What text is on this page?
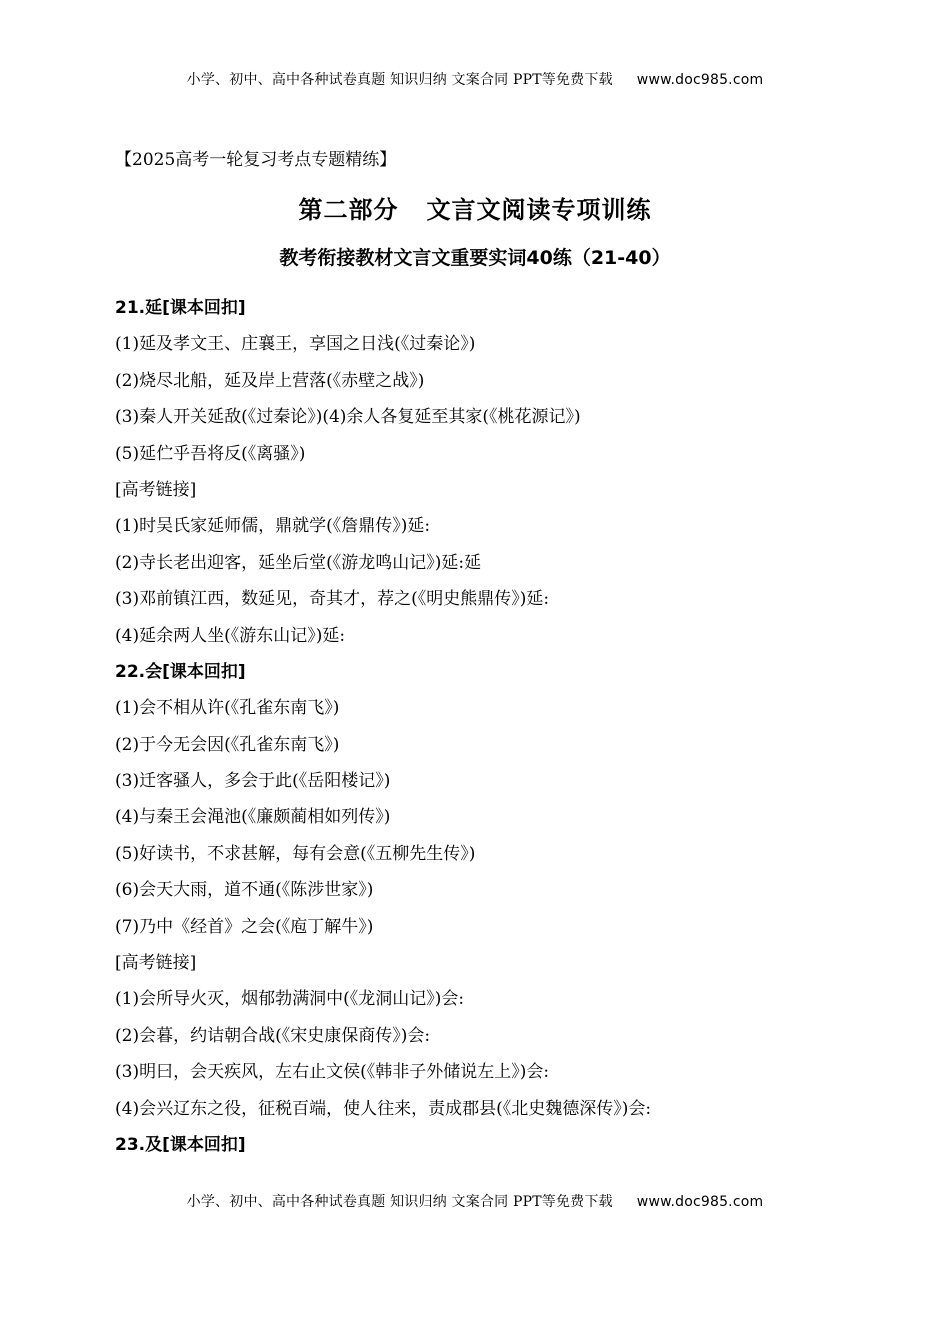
小学、初中、高中各种试卷真题 知识归纳 文案合同 PPT等免费下载 www.doc985.com
【2025高考一轮复习考点专题精练】
第二部分 文言文阅读专项训练
教考衔接教材文言文重要实词40练（21-40）
21.延[课本回扣]
(1)延及孝文王、庄襄王，享国之日浅(《过秦论》)
(2)烧尽北船，延及岸上营落(《赤壁之战》)
(3)秦人开关延敌(《过秦论》)(4)余人各复延至其家(《桃花源记》)
(5)延伫乎吾将反(《离骚》)
[高考链接]
(1)时吴氏家延师儒，鼎就学(《詹鼎传》)延:
(2)寺长老出迎客，延坐后堂(《游龙鸣山记》)延:延
(3)邓前镇江西，数延见，奇其才，荐之(《明史熊鼎传》)延:
(4)延余两人坐(《游东山记》)延:
22.会[课本回扣]
(1)会不相从许(《孔雀东南飞》)
(2)于今无会因(《孔雀东南飞》)
(3)迁客骚人，多会于此(《岳阳楼记》)
(4)与秦王会渑池(《廉颇蔺相如列传》)
(5)好读书，不求甚解，每有会意(《五柳先生传》)
(6)会天大雨，道不通(《陈涉世家》)
(7)乃中《经首》之会(《庖丁解牛》)
[高考链接]
(1)会所导火灭，烟郁勃满洞中(《龙洞山记》)会:
(2)会暮，约诘朝合战(《宋史康保商传》)会:
(3)明曰，会天疾风，左右止文侯(《韩非子外储说左上》)会:
(4)会兴辽东之役，征税百端，使人往来，责成郡县(《北史魏德深传》)会:
23.及[课本回扣]
小学、初中、高中各种试卷真题 知识归纳 文案合同 PPT等免费下载 www.doc985.com
